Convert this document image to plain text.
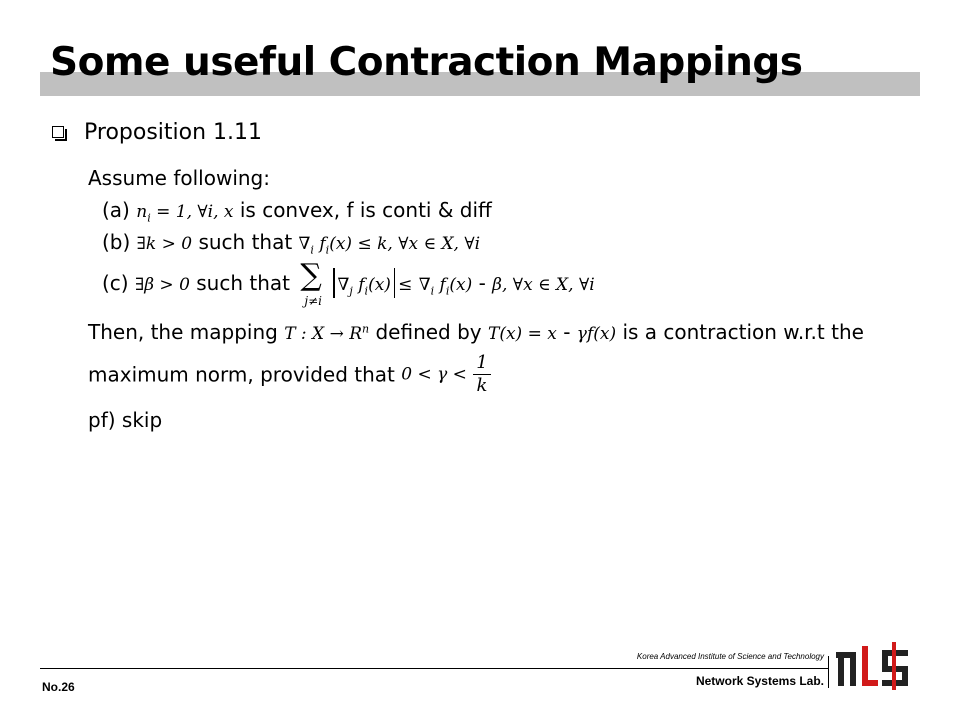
Some useful Contraction Mappings
Proposition 1.11
Assume following:
(a) $n_i = 1$, ∀i, x is convex, f is conti & diff
(b) ∃k > 0 such that $\nabla_i$ $f_i(x) \le k$, ∀x ∈ X, ∀i
(c) ∃β > 0 such that ∑
j≠i
$\nabla_j$ $f_i(x) \le \nabla_i$ $f_i(x)$ - β, ∀x ∈ X, ∀i
Then, the mapping T : $X \to R^n$ defined by T(x) = x - γf(x) is a contraction w.r.t the
maximum norm, provided that $0 < \gamma < \frac{1}{k}$
pf) skip
No.26
Korea Advanced Institute of Science and Technology
Network Systems Lab.
